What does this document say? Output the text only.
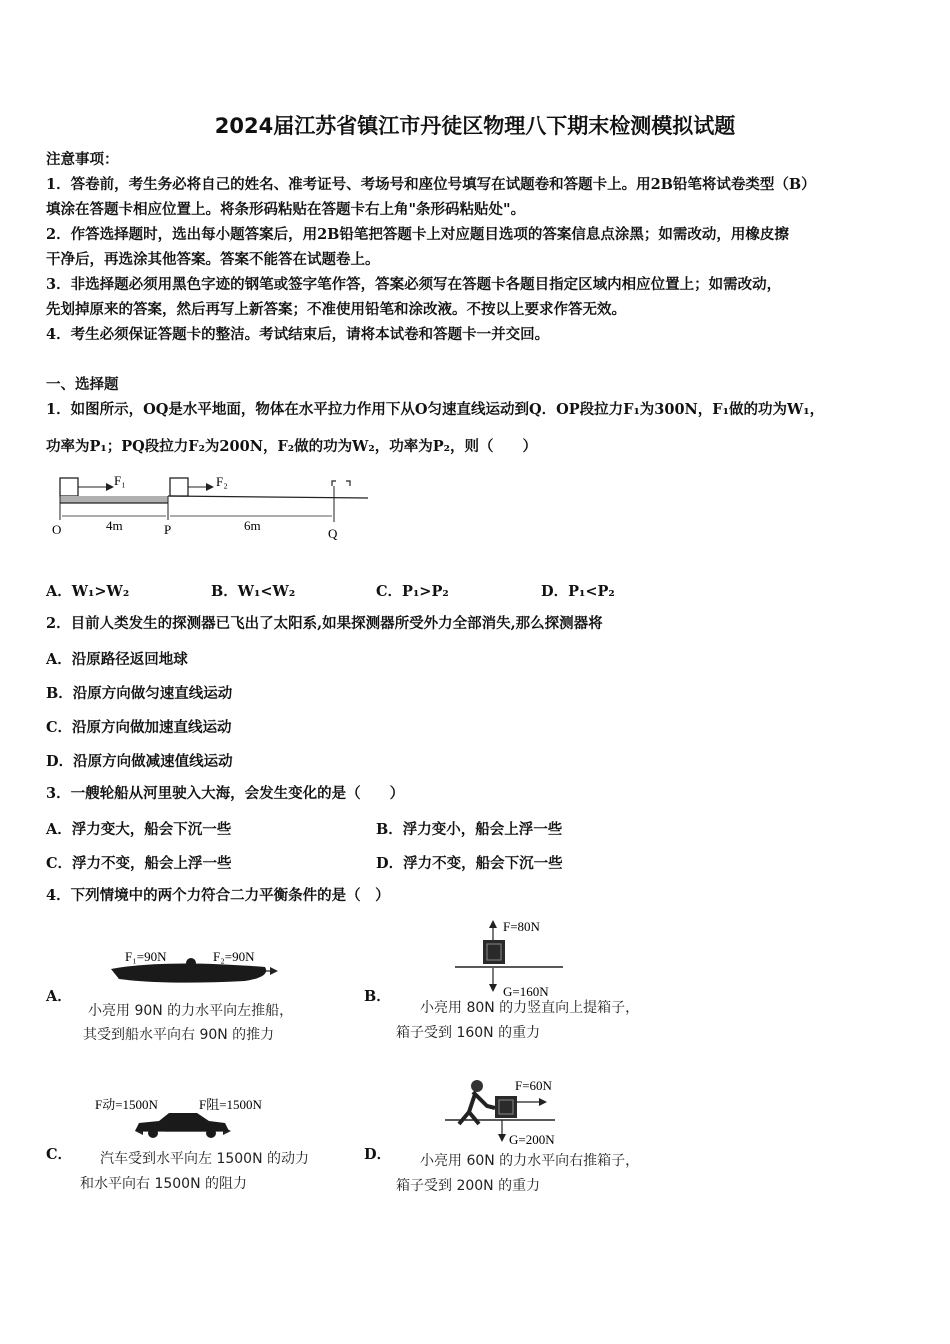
2024届江苏省镇江市丹徒区物理八下期末检测模拟试题
注意事项：
1．答卷前，考生务必将自己的姓名、准考证号、考场号和座位号填写在试题卷和答题卡上。用2B铅笔将试卷类型（B）
填涂在答题卡相应位置上。将条形码粘贴在答题卡右上角"条形码粘贴处"。
2．作答选择题时，选出每小题答案后，用2B铅笔把答题卡上对应题目选项的答案信息点涂黑；如需改动，用橡皮擦
干净后，再选涂其他答案。答案不能答在试题卷上。
3．非选择题必须用黑色字迹的钢笔或签字笔作答，答案必须写在答题卡各题目指定区域内相应位置上；如需改动，
先划掉原来的答案，然后再写上新答案；不准使用铅笔和涂改液。不按以上要求作答无效。
4．考生必须保证答题卡的整洁。考试结束后，请将本试卷和答题卡一并交回。
一、选择题
1．如图所示，OQ是水平地面，物体在水平拉力作用下从O匀速直线运动到Q．OP段拉力F₁为300N，F₁做的功为W₁，
功率为P₁；PQ段拉力F₂为200N，F₂做的功为W₂，功率为P₂，则（　　）
F₁	F₂
4m	6m
O	P	Q
A．W₁>W₂	B．W₁<W₂	C．P₁>P₂	D．P₁<P₂
2．目前人类发生的探测器已飞出了太阳系,如果探测器所受外力全部消失,那么探测器将
A．沿原路径返回地球
B．沿原方向做匀速直线运动
C．沿原方向做加速直线运动
D．沿原方向做减速值线运动
3．一艘轮船从河里驶入大海，会发生变化的是（　　）
A．浮力变大，船会下沉一些	B．浮力变小，船会上浮一些
C．浮力不变，船会上浮一些	D．浮力不变，船会下沉一些
4．下列情境中的两个力符合二力平衡条件的是（　）
A．
F₁=90N	F₂=90N
小亮用 90N 的力水平向左推船，
其受到船水平向右 90N 的推力
B．
F=80N
G=160N
小亮用 80N 的力竖直向上提箱子，
箱子受到 160N 的重力
C．
F动=1500N	F阻=1500N
汽车受到水平向左 1500N 的动力
和水平向右 1500N 的阻力
D．
F=60N
G=200N
小亮用 60N 的力水平向右推箱子，
箱子受到 200N 的重力
